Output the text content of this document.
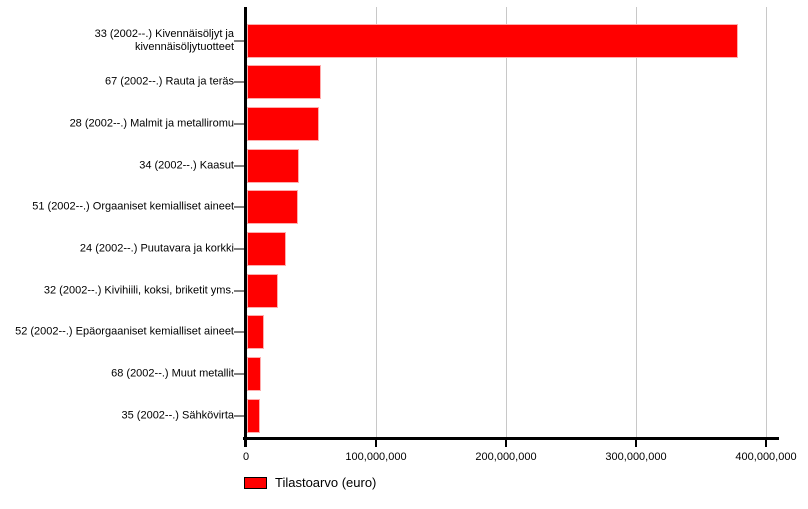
33 (2002--.) Kivennäisöljyt ja kivennäisöljytuotteet
67 (2002--.) Rauta ja teräs
28 (2002--.) Malmit ja metalliromu
34 (2002--.) Kaasut
51 (2002--.) Orgaaniset kemialliset aineet
24 (2002--.) Puutavara ja korkki
32 (2002--.) Kivihiili, koksi, briketit yms.
52 (2002--.) Epäorgaaniset kemialliset aineet
68 (2002--.) Muut metallit
35 (2002--.) Sähkövirta
0	100,000,000	200,000,000	300,000,000	400,000,000
Tilastoarvo (euro)
